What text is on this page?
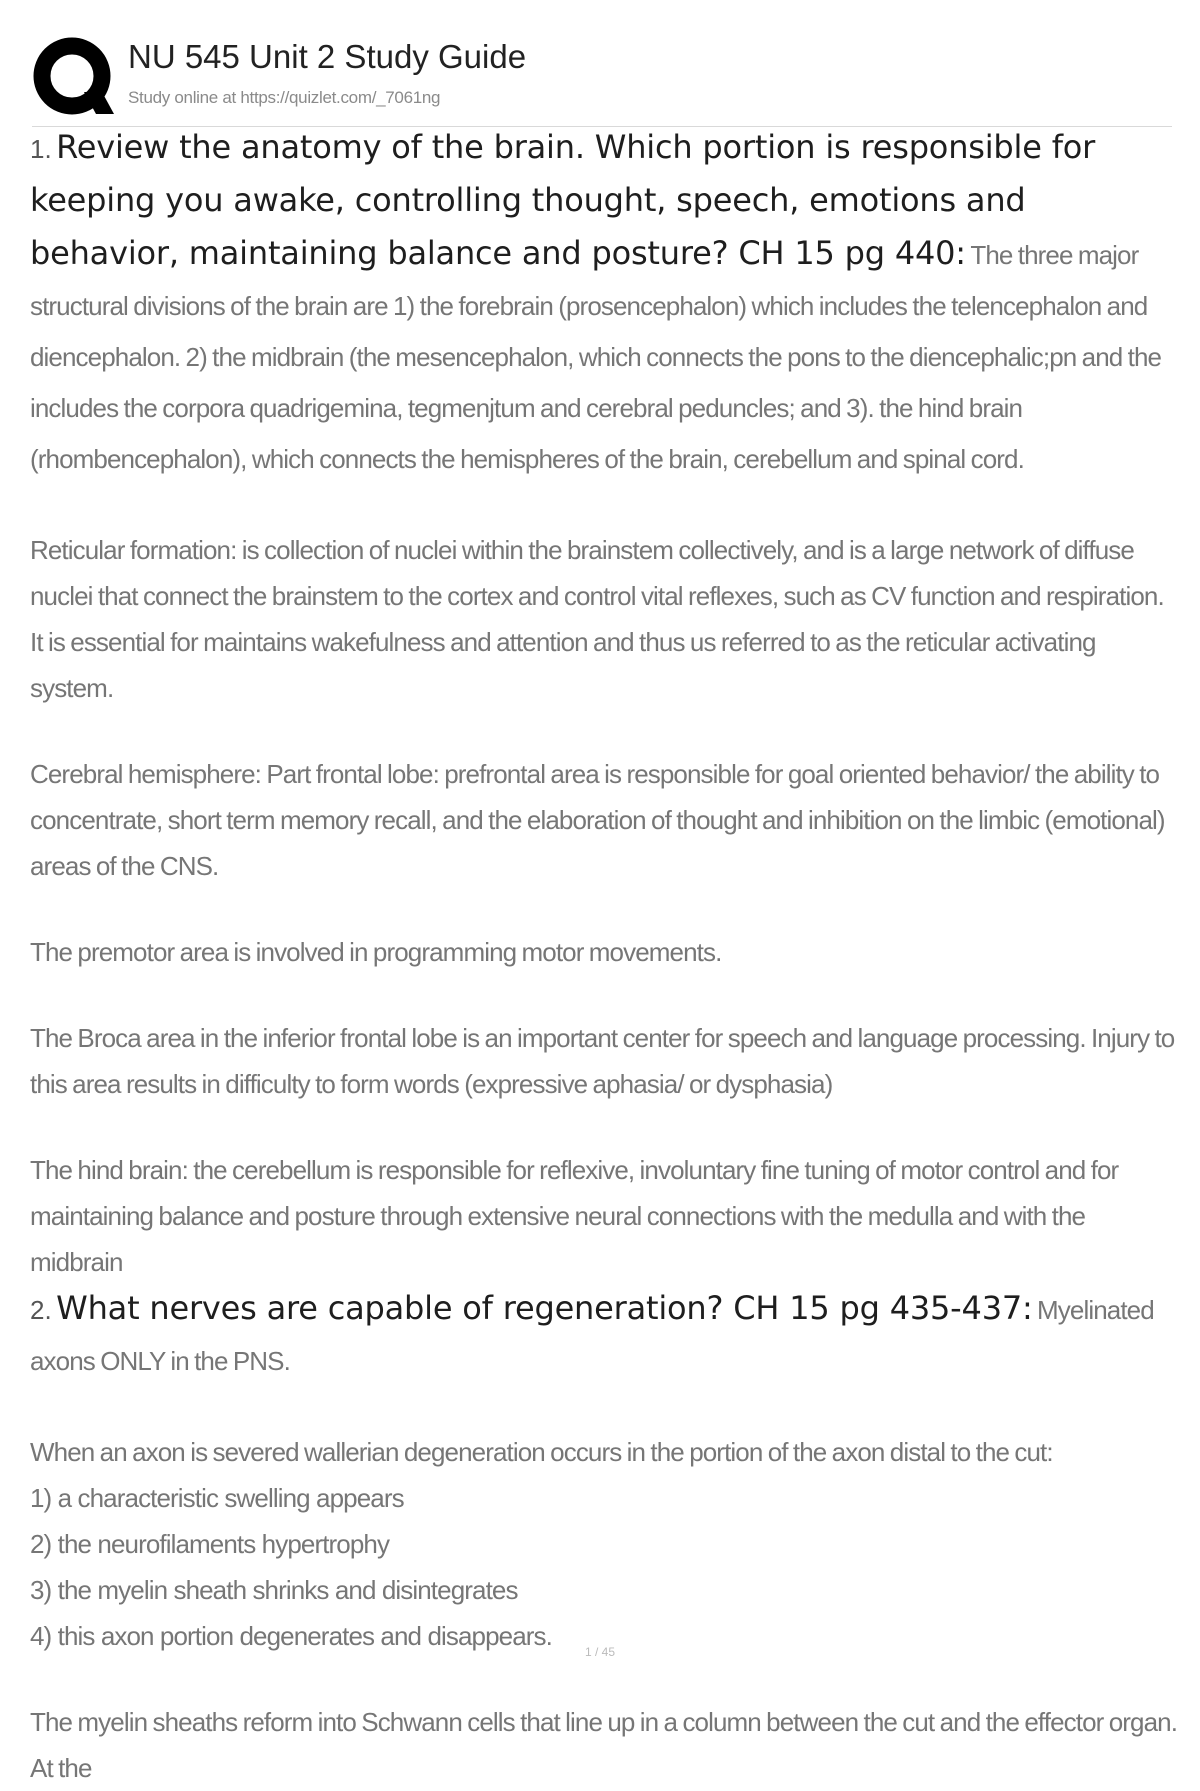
NU 545 Unit 2 Study Guide
Study online at https://quizlet.com/_7061ng

1. Review the anatomy of the brain. Which portion is responsible for keeping you awake, controlling thought, speech, emotions and behavior, maintaining balance and posture? CH 15 pg 440: The three major structural divisions of the brain are 1) the forebrain (prosencephalon) which includes the telencephalon and diencephalon. 2) the midbrain (the mesencephalon, which connects the pons to the diencephalic;pn and the includes the corpora quadrigemina, tegmenjtum and cerebral peduncles; and 3). the hind brain (rhombencephalon), which connects the hemispheres of the brain, cerebellum and spinal cord.

Reticular formation: is collection of nuclei within the brainstem collectively, and is a large network of diffuse nuclei that connect the brainstem to the cortex and control vital reflexes, such as CV function and respiration. It is essential for maintains wakefulness and attention and thus us referred to as the reticular activating system.

Cerebral hemisphere: Part frontal lobe: prefrontal area is responsible for goal oriented behavior/ the ability to concentrate, short term memory recall, and the elaboration of thought and inhibition on the limbic (emotional) areas of the CNS.

The premotor area is involved in programming motor movements.

The Broca area in the inferior frontal lobe is an important center for speech and language processing. Injury to this area results in difficulty to form words (expressive aphasia/ or dysphasia)

The hind brain: the cerebellum is responsible for reflexive, involuntary fine tuning of motor control and for maintaining balance and posture through extensive neural connections with the medulla and with the midbrain

2. What nerves are capable of regeneration? CH 15 pg 435-437: Myelinated axons ONLY in the PNS.

When an axon is severed wallerian degeneration occurs in the portion of the axon distal to the cut:

1) a characteristic swelling appears

2) the neurofilaments hypertrophy

3) the myelin sheath shrinks and disintegrates

4) this axon portion degenerates and disappears.

The myelin sheaths reform into Schwann cells that line up in a column between the cut and the effector organ. At the

1 / 45
